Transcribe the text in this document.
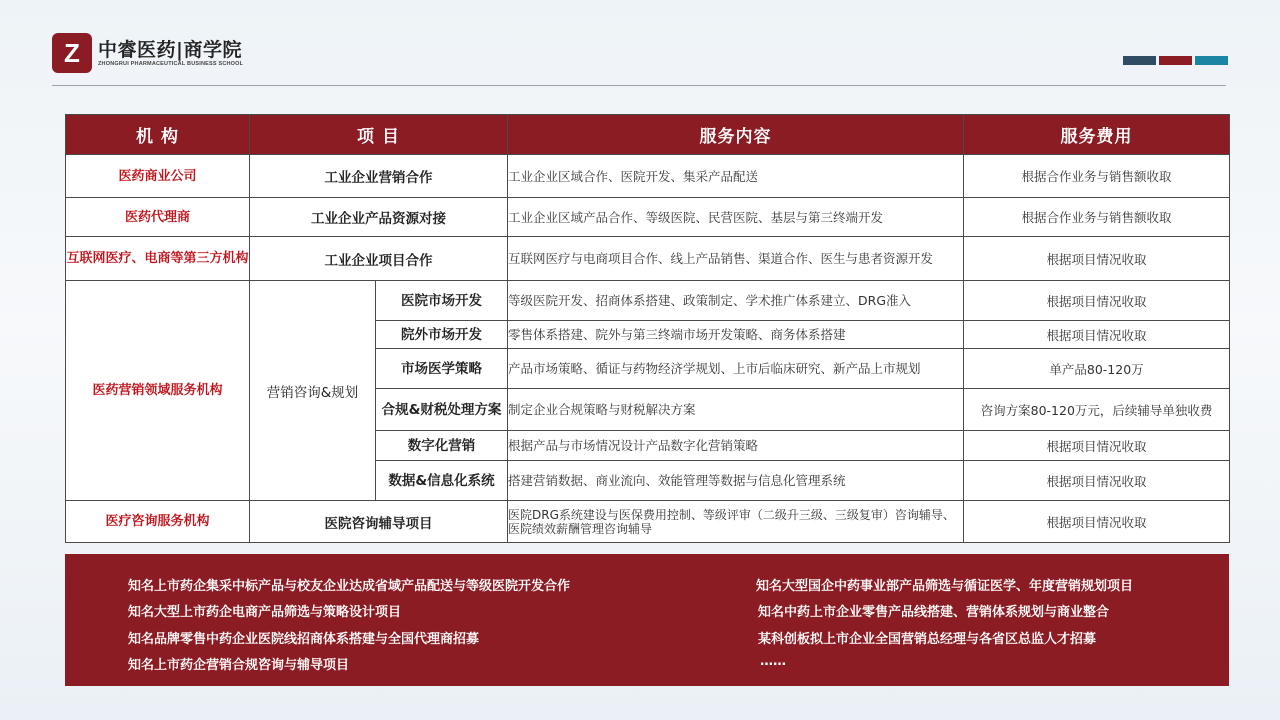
Z 中睿医药|商学院
ZHONGRUI PHARMACEUTICAL BUSINESS SCHOOL
机 构	项 目		服务内容	服务费用
医药商业公司	工业企业营销合作		工业企业区域合作、医院开发、集采产品配送	根据合作业务与销售额收取
医药代理商	工业企业产品资源对接		工业企业区域产品合作、等级医院、民营医院、基层与第三终端开发	根据合作业务与销售额收取
互联网医疗、电商等第三方机构	工业企业项目合作		互联网医疗与电商项目合作、线上产品销售、渠道合作、医生与患者资源开发	根据项目情况收取
医药营销领域服务机构	营销咨询&规划	医院市场开发	等级医院开发、招商体系搭建、政策制定、学术推广体系建立、DRG准入	根据项目情况收取
		院外市场开发	零售体系搭建、院外与第三终端市场开发策略、商务体系搭建	根据项目情况收取
		市场医学策略	产品市场策略、循证与药物经济学规划、上市后临床研究、新产品上市规划	单产品80-120万
		合规&财税处理方案	制定企业合规策略与财税解决方案	咨询方案80-120万元，后续辅导单独收费
		数字化营销	根据产品与市场情况设计产品数字化营销策略	根据项目情况收取
		数据&信息化系统	搭建营销数据、商业流向、效能管理等数据与信息化管理系统	根据项目情况收取
医疗咨询服务机构	医院咨询辅导项目		医院DRG系统建设与医保费用控制、等级评审（二级升三级、三级复审）咨询辅导、医院绩效薪酬管理咨询辅导	根据项目情况收取
知名上市药企集采中标产品与校友企业达成省域产品配送与等级医院开发合作
知名大型上市药企电商产品筛选与策略设计项目
知名品牌零售中药企业医院线招商体系搭建与全国代理商招募
知名上市药企营销合规咨询与辅导项目
知名大型国企中药事业部产品筛选与循证医学、年度营销规划项目
知名中药上市企业零售产品线搭建、营销体系规划与商业整合
某科创板拟上市企业全国营销总经理与各省区总监人才招募
……
